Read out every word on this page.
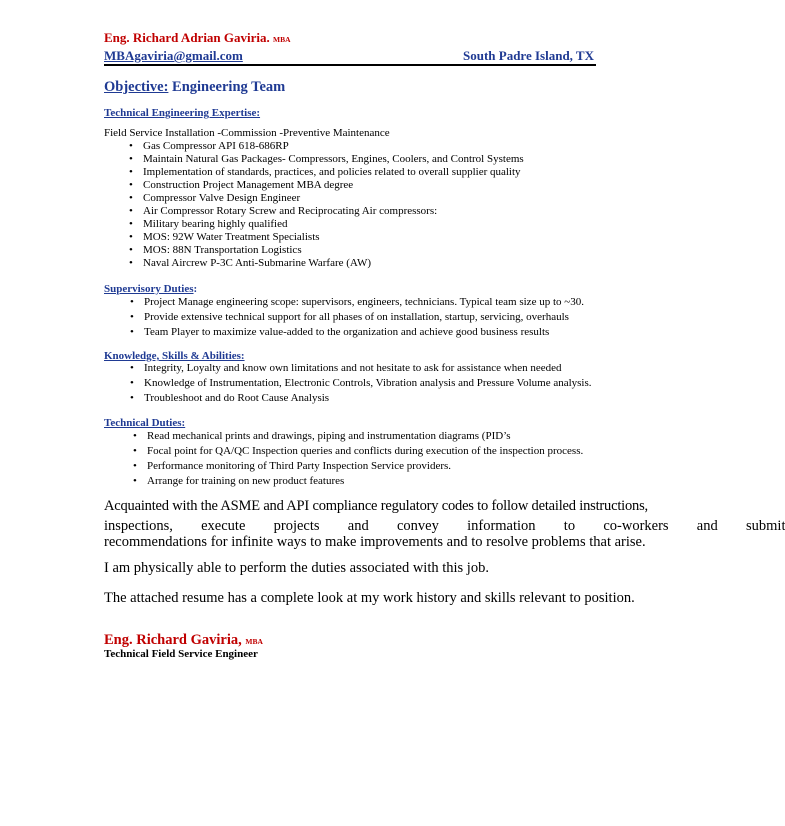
Eng. Richard Adrian Gaviria. MBA
MBAgaviria@gmail.com	South Padre Island, TX
Objective: Engineering Team
Technical Engineering Expertise:
Field Service Installation -Commission -Preventive Maintenance
• Gas Compressor API 618-686RP
• Maintain Natural Gas Packages- Compressors, Engines, Coolers, and Control Systems
• Implementation of standards, practices, and policies related to overall supplier quality
• Construction Project Management MBA degree
• Compressor Valve Design Engineer
• Air Compressor Rotary Screw and Reciprocating Air compressors:
• Military bearing highly qualified
• MOS: 92W Water Treatment Specialists
• MOS: 88N Transportation Logistics
• Naval Aircrew P-3C Anti-Submarine Warfare (AW)
Supervisory Duties:
• Project Manage engineering scope: supervisors, engineers, technicians. Typical team size up to ~30.
• Provide extensive technical support for all phases of on installation, startup, servicing, overhauls
• Team Player to maximize value-added to the organization and achieve good business results
Knowledge, Skills & Abilities:
• Integrity, Loyalty and know own limitations and not hesitate to ask for assistance when needed
• Knowledge of Instrumentation, Electronic Controls, Vibration analysis and Pressure Volume analysis.
• Troubleshoot and do Root Cause Analysis
Technical Duties:
• Read mechanical prints and drawings, piping and instrumentation diagrams (PID’s
• Focal point for QA/QC Inspection queries and conflicts during execution of the inspection process.
• Performance monitoring of Third Party Inspection Service providers.
• Arrange for training on new product features
Acquainted with the ASME and API compliance regulatory codes to follow detailed instructions,
inspections,  execute  projects  and  convey  information  to  co-workers  and  submit
recommendations for infinite ways to make improvements and to resolve problems that arise.
I am physically able to perform the duties associated with this job.
The attached resume has a complete look at my work history and skills relevant to position.
Eng. Richard Gaviria, MBA
Technical Field Service Engineer
